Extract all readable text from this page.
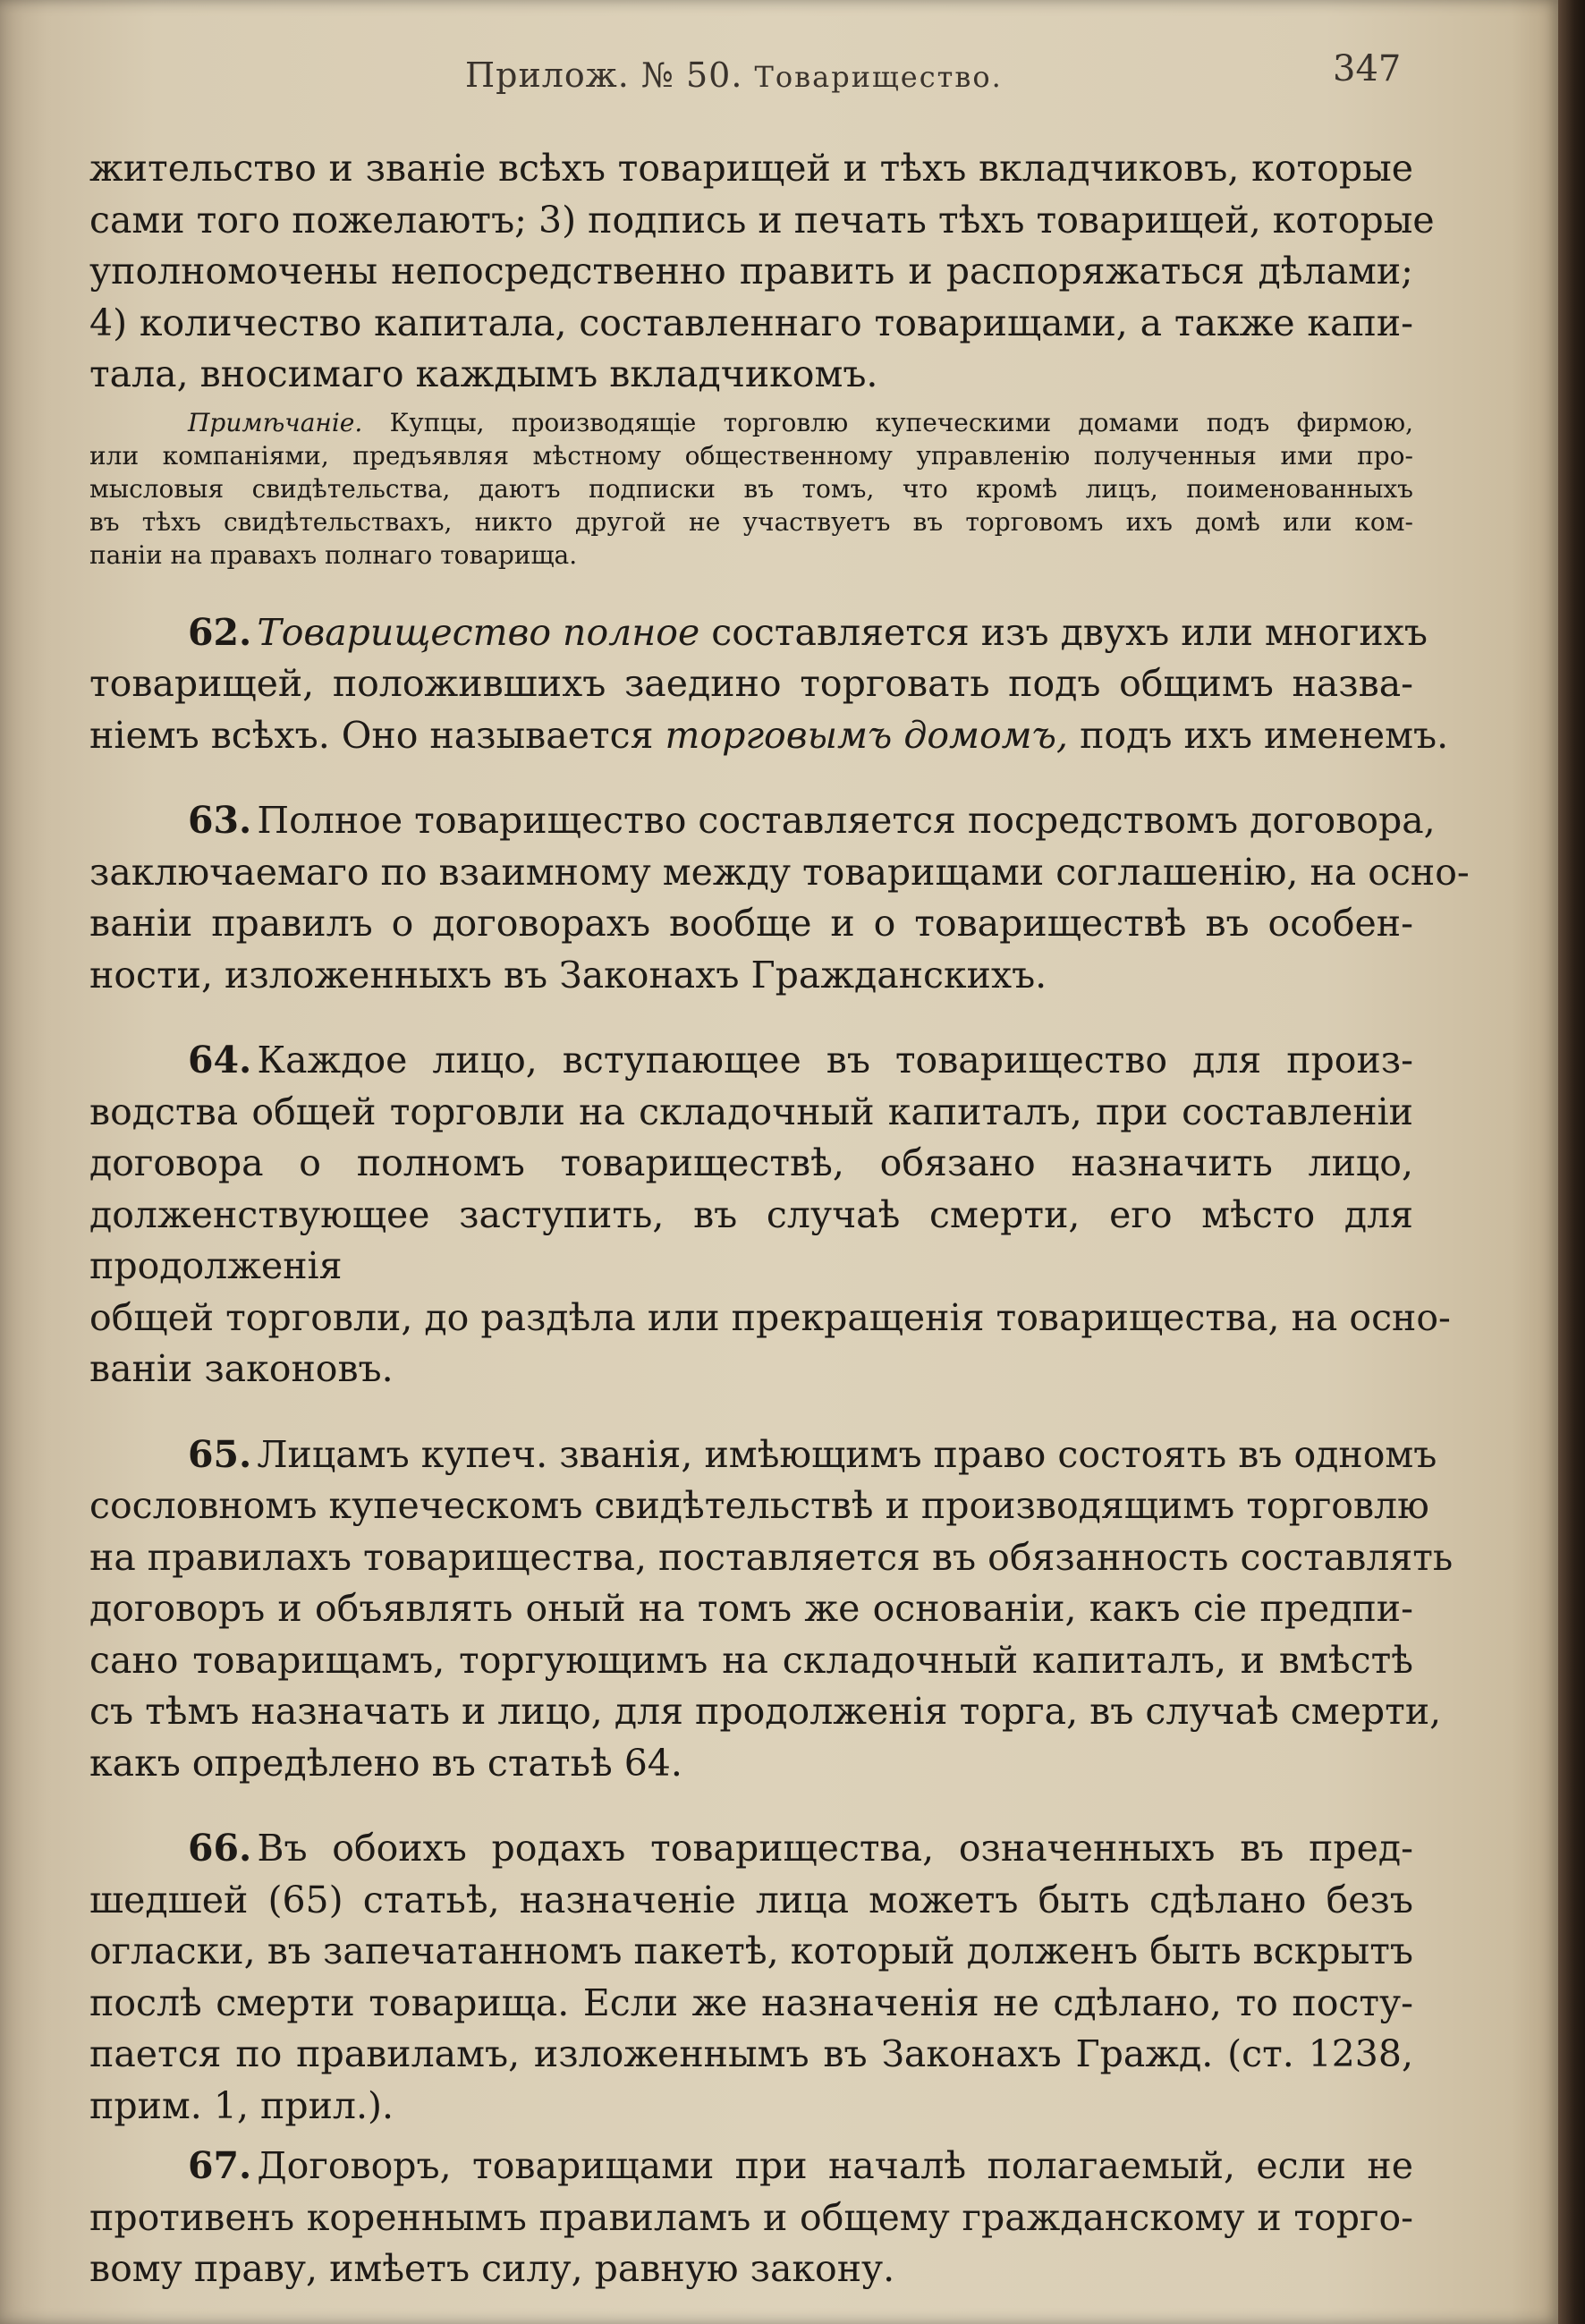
Прилож. № 50. Товарищество.	347
жительство и званіе всѣхъ товарищей и тѣхъ вкладчиковъ, которые
сами того пожелаютъ; 3) подпись и печать тѣхъ товарищей, которые
уполномочены непосредственно править и распоряжаться дѣлами;
4) количество капитала, составленнаго товарищами, а также капи-
тала, вносимаго каждымъ вкладчикомъ.
Примѣчаніе. Купцы, производящіе торговлю купеческими домами подъ фирмою,
или компаніями, предъявляя мѣстному общественному управленію полученныя ими про-
мысловыя свидѣтельства, даютъ подписки въ томъ, что кромѣ лицъ, поименованныхъ
въ тѣхъ свидѣтельствахъ, никто другой не участвуетъ въ торговомъ ихъ домѣ или ком-
паніи на правахъ полнаго товарища.
62. Товарищество полное составляется изъ двухъ или многихъ
товарищей, положившихъ заедино торговать подъ общимъ назва-
ніемъ всѣхъ. Оно называется торговымъ домомъ, подъ ихъ именемъ.
63. Полное товарищество составляется посредствомъ договора,
заключаемаго по взаимному между товарищами соглашенію, на осно-
ваніи правилъ о договорахъ вообще и о товариществѣ въ особен-
ности, изложенныхъ въ Законахъ Гражданскихъ.
64. Каждое лицо, вступающее въ товарищество для произ-
водства общей торговли на складочный капиталъ, при составленіи
договора о полномъ товариществѣ, обязано назначить лицо, долженствующее заступить, въ случаѣ смерти, его мѣсто для продолженія
общей торговли, до раздѣла или прекращенія товарищества, на осно-
ваніи законовъ.
65. Лицамъ купеч. званія, имѣющимъ право состоять въ одномъ
сословномъ купеческомъ свидѣтельствѣ и производящимъ торговлю
на правилахъ товарищества, поставляется въ обязанность составлять
договоръ и объявлять оный на томъ же основаніи, какъ сіе предпи-
сано товарищамъ, торгующимъ на складочный капиталъ, и вмѣстѣ
съ тѣмъ назначать и лицо, для продолженія торга, въ случаѣ смерти,
какъ опредѣлено въ статьѣ 64.
66. Въ обоихъ родахъ товарищества, означенныхъ въ пред-
шедшей (65) статьѣ, назначеніе лица можетъ быть сдѣлано безъ
огласки, въ запечатанномъ пакетѣ, который долженъ быть вскрытъ
послѣ смерти товарища. Если же назначенія не сдѣлано, то посту-
пается по правиламъ, изложеннымъ въ Законахъ Гражд. (ст. 1238,
прим. 1, прил.).
67. Договоръ, товарищами при началѣ полагаемый, если не
противенъ кореннымъ правиламъ и общему гражданскому и торго-
вому праву, имѣетъ силу, равную закону.
